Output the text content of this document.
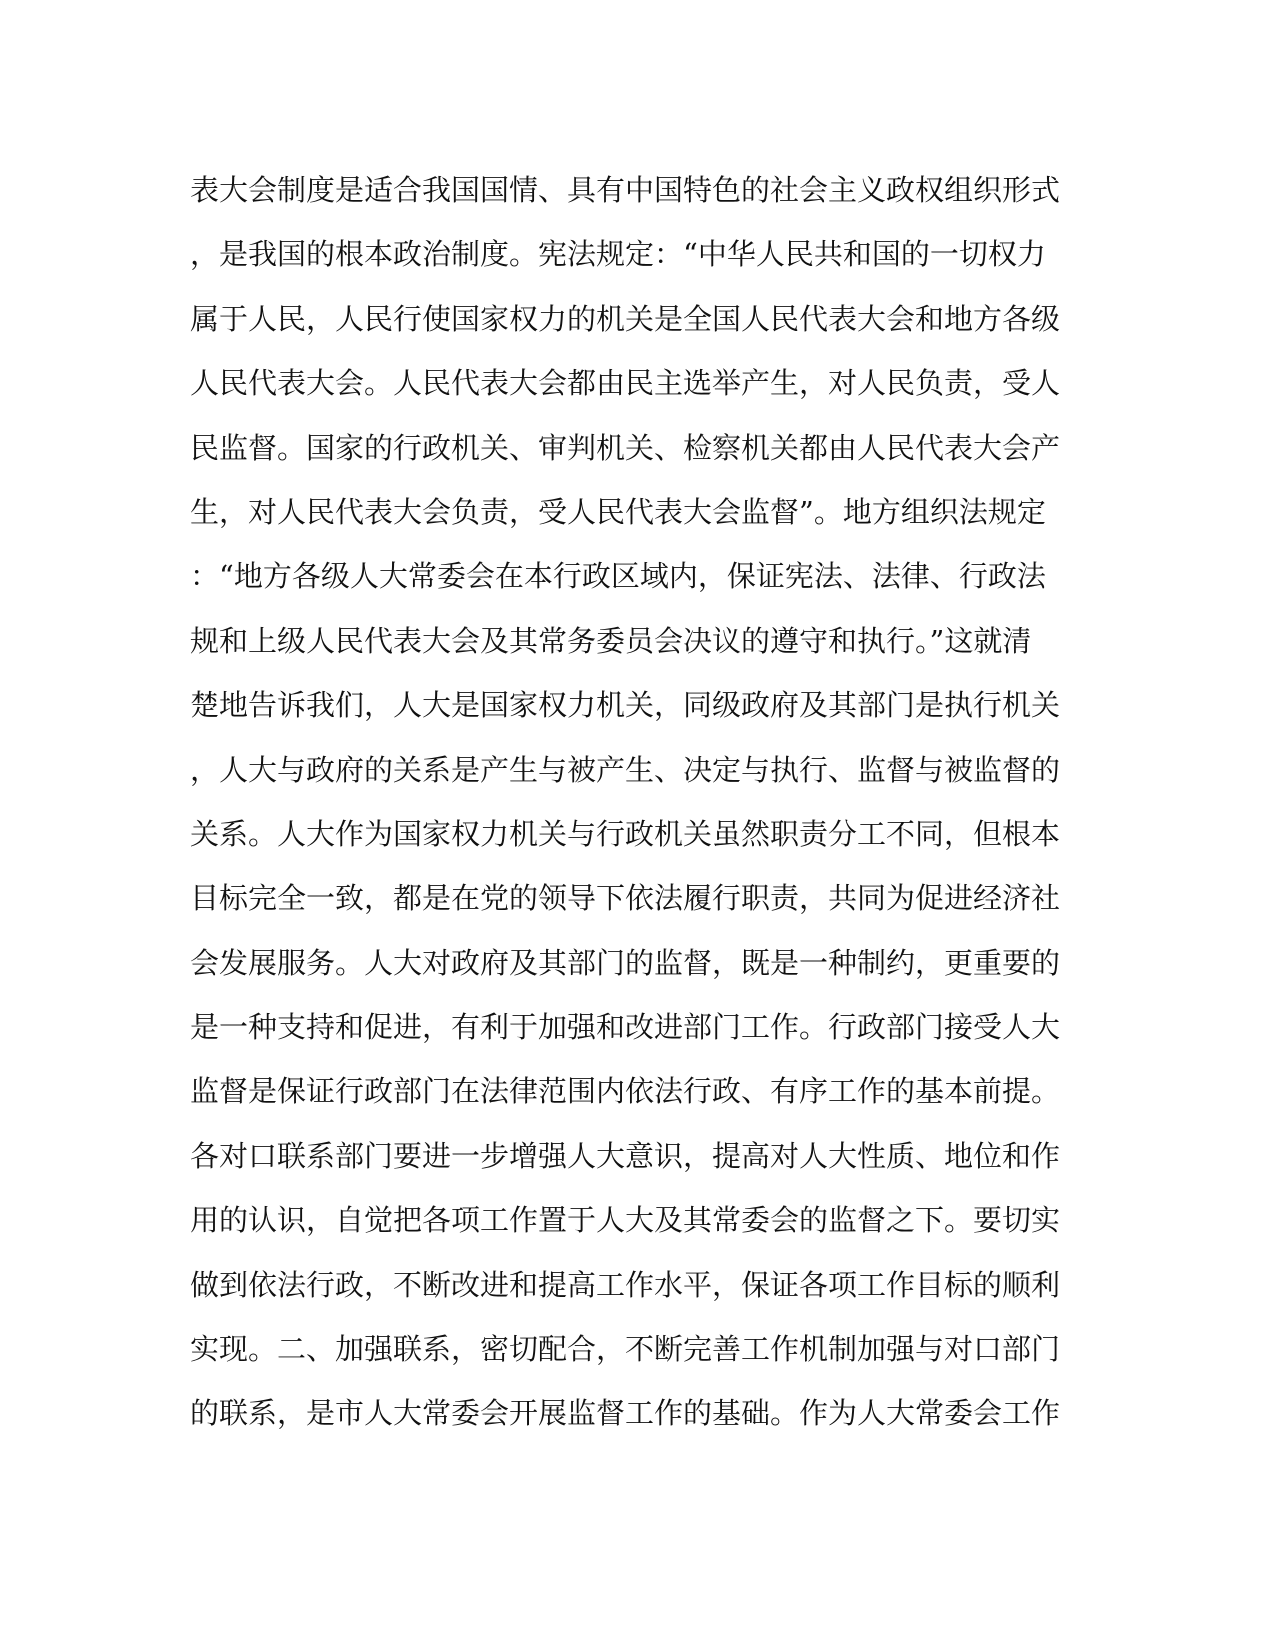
表大会制度是适合我国国情、具有中国特色的社会主义政权组织形式
，是我国的根本政治制度。宪法规定：“中华人民共和国的一切权力
属于人民，人民行使国家权力的机关是全国人民代表大会和地方各级
人民代表大会。人民代表大会都由民主选举产生，对人民负责，受人
民监督。国家的行政机关、审判机关、检察机关都由人民代表大会产
生，对人民代表大会负责，受人民代表大会监督”。地方组织法规定
：“地方各级人大常委会在本行政区域内，保证宪法、法律、行政法
规和上级人民代表大会及其常务委员会决议的遵守和执行。”这就清
楚地告诉我们，人大是国家权力机关，同级政府及其部门是执行机关
，人大与政府的关系是产生与被产生、决定与执行、监督与被监督的
关系。人大作为国家权力机关与行政机关虽然职责分工不同，但根本
目标完全一致，都是在党的领导下依法履行职责，共同为促进经济社
会发展服务。人大对政府及其部门的监督，既是一种制约，更重要的
是一种支持和促进，有利于加强和改进部门工作。行政部门接受人大
监督是保证行政部门在法律范围内依法行政、有序工作的基本前提。
各对口联系部门要进一步增强人大意识，提高对人大性质、地位和作
用的认识，自觉把各项工作置于人大及其常委会的监督之下。要切实
做到依法行政，不断改进和提高工作水平，保证各项工作目标的顺利
实现。二、加强联系，密切配合，不断完善工作机制加强与对口部门
的联系，是市人大常委会开展监督工作的基础。作为人大常委会工作
